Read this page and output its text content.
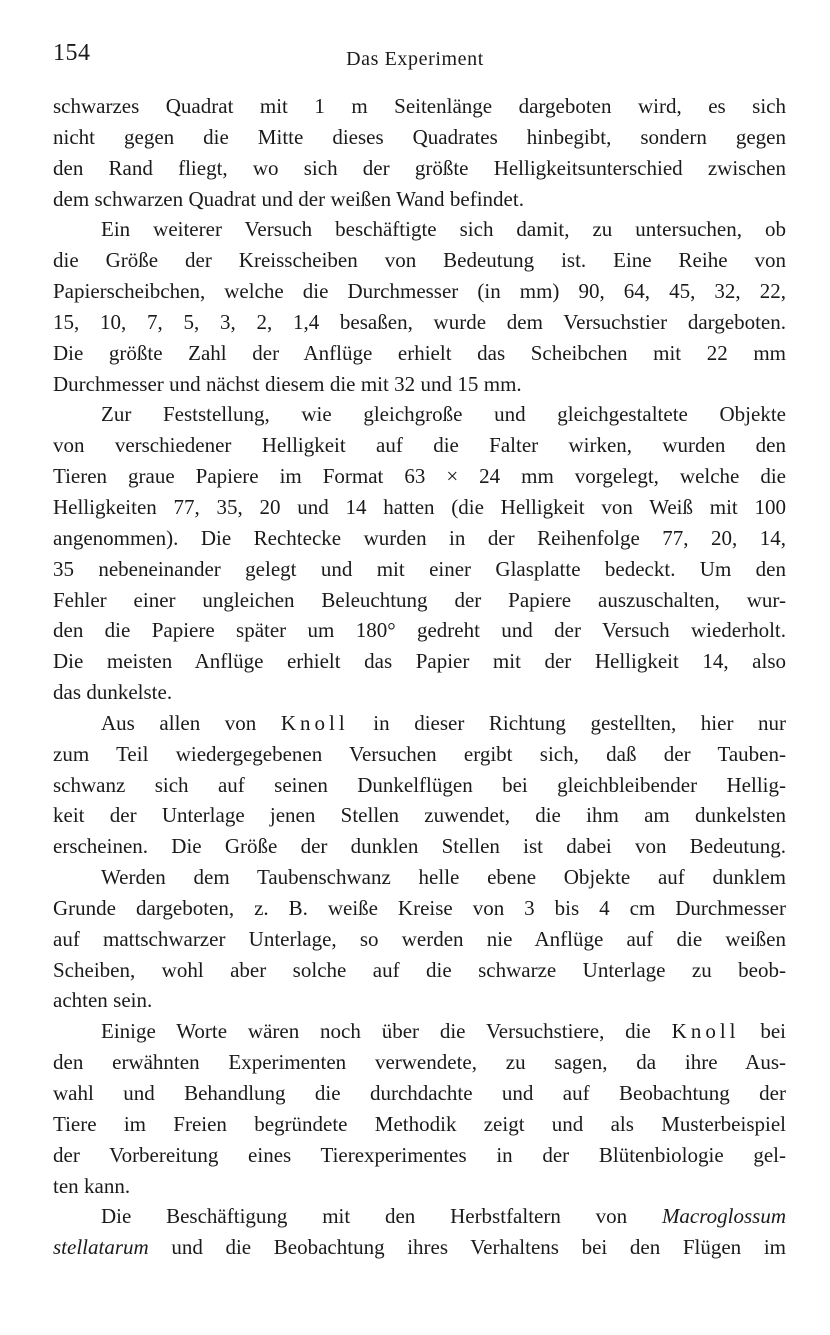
154	Das Experiment
schwarzes Quadrat mit 1 m Seitenlänge dargeboten wird, es sich
nicht gegen die Mitte dieses Quadrates hinbegibt, sondern gegen
den Rand fliegt, wo sich der größte Helligkeitsunterschied zwischen
dem schwarzen Quadrat und der weißen Wand befindet.
Ein weiterer Versuch beschäftigte sich damit, zu untersuchen, ob
die Größe der Kreisscheiben von Bedeutung ist. Eine Reihe von
Papierscheibchen, welche die Durchmesser (in mm) 90, 64, 45, 32, 22,
15, 10, 7, 5, 3, 2, 1,4 besaßen, wurde dem Versuchstier dargeboten.
Die größte Zahl der Anflüge erhielt das Scheibchen mit 22 mm
Durchmesser und nächst diesem die mit 32 und 15 mm.
Zur Feststellung, wie gleichgroße und gleichgestaltete Objekte
von verschiedener Helligkeit auf die Falter wirken, wurden den
Tieren graue Papiere im Format 63 × 24 mm vorgelegt, welche die
Helligkeiten 77, 35, 20 und 14 hatten (die Helligkeit von Weiß mit 100
angenommen). Die Rechtecke wurden in der Reihenfolge 77, 20, 14,
35 nebeneinander gelegt und mit einer Glasplatte bedeckt. Um den
Fehler einer ungleichen Beleuchtung der Papiere auszuschalten, wur-
den die Papiere später um 180° gedreht und der Versuch wiederholt.
Die meisten Anflüge erhielt das Papier mit der Helligkeit 14, also
das dunkelste.
Aus allen von Knoll in dieser Richtung gestellten, hier nur
zum Teil wiedergegebenen Versuchen ergibt sich, daß der Tauben-
schwanz sich auf seinen Dunkelflügen bei gleichbleibender Hellig-
keit der Unterlage jenen Stellen zuwendet, die ihm am dunkelsten
erscheinen. Die Größe der dunklen Stellen ist dabei von Bedeutung.
Werden dem Taubenschwanz helle ebene Objekte auf dunklem
Grunde dargeboten, z. B. weiße Kreise von 3 bis 4 cm Durchmesser
auf mattschwarzer Unterlage, so werden nie Anflüge auf die weißen
Scheiben, wohl aber solche auf die schwarze Unterlage zu beob-
achten sein.
Einige Worte wären noch über die Versuchstiere, die Knoll bei
den erwähnten Experimenten verwendete, zu sagen, da ihre Aus-
wahl und Behandlung die durchdachte und auf Beobachtung der
Tiere im Freien begründete Methodik zeigt und als Musterbeispiel
der Vorbereitung eines Tierexperimentes in der Blütenbiologie gel-
ten kann.
Die Beschäftigung mit den Herbstfaltern von Macroglossum
stellatarum und die Beobachtung ihres Verhaltens bei den Flügen im
